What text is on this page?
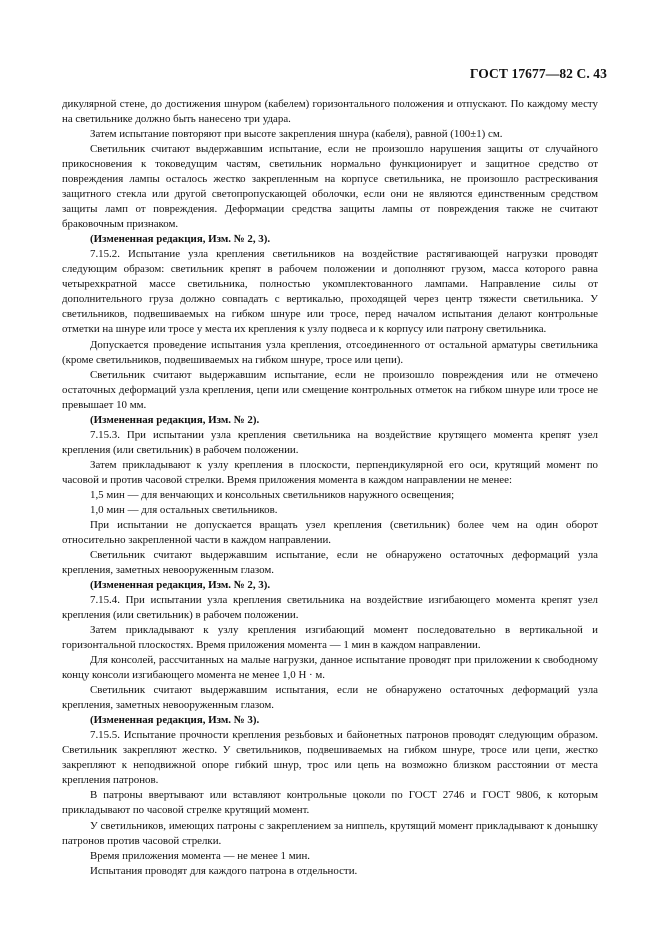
ГОСТ 17677—82 С. 43

дикулярной стене, до достижения шнуром (кабелем) горизонтального положения и отпускают. По каждому месту на светильнике должно быть нанесено три удара.

Затем испытание повторяют при высоте закрепления шнура (кабеля), равной (100±1) см.

Светильник считают выдержавшим испытание, если не произошло нарушения защиты от случайного прикосновения к токоведущим частям, светильник нормально функционирует и защитное средство от повреждения лампы осталось жестко закрепленным на корпусе светильника, не произошло растрескивания защитного стекла или другой светопропускающей оболочки, если они не являются единственным средством защиты ламп от повреждения. Деформации средства защиты лампы от повреждения также не считают браковочным признаком.

(Измененная редакция, Изм. № 2, 3).

7.15.2. Испытание узла крепления светильников на воздействие растягивающей нагрузки проводят следующим образом: светильник крепят в рабочем положении и дополняют грузом, масса которого равна четырехкратной массе светильника, полностью укомплектованного лампами. Направление силы от дополнительного груза должно совпадать с вертикалью, проходящей через центр тяжести светильника. У светильников, подвешиваемых на гибком шнуре или тросе, перед началом испытания делают контрольные отметки на шнуре или тросе у места их крепления к узлу подвеса и к корпусу или патрону светильника.

Допускается проведение испытания узла крепления, отсоединенного от остальной арматуры светильника (кроме светильников, подвешиваемых на гибком шнуре, тросе или цепи).

Светильник считают выдержавшим испытание, если не произошло повреждения или не отмечено остаточных деформаций узла крепления, цепи или смещение контрольных отметок на гибком шнуре или тросе не превышает 10 мм.

(Измененная редакция, Изм. № 2).

7.15.3. При испытании узла крепления светильника на воздействие крутящего момента крепят узел крепления (или светильник) в рабочем положении.

Затем прикладывают к узлу крепления в плоскости, перпендикулярной его оси, крутящий момент по часовой и против часовой стрелки. Время приложения момента в каждом направлении не менее:

1,5 мин — для венчающих и консольных светильников наружного освещения;

1,0 мин — для остальных светильников.

При испытании не допускается вращать узел крепления (светильник) более чем на один оборот относительно закрепленной части в каждом направлении.

Светильник считают выдержавшим испытание, если не обнаружено остаточных деформаций узла крепления, заметных невооруженным глазом.

(Измененная редакция, Изм. № 2, 3).

7.15.4. При испытании узла крепления светильника на воздействие изгибающего момента крепят узел крепления (или светильник) в рабочем положении.

Затем прикладывают к узлу крепления изгибающий момент последовательно в вертикальной и горизонтальной плоскостях. Время приложения момента — 1 мин в каждом направлении.

Для консолей, рассчитанных на малые нагрузки, данное испытание проводят при приложении к свободному концу консоли изгибающего момента не менее 1,0 Н · м.

Светильник считают выдержавшим испытания, если не обнаружено остаточных деформаций узла крепления, заметных невооруженным глазом.

(Измененная редакция, Изм. № 3).

7.15.5. Испытание прочности крепления резьбовых и байонетных патронов проводят следующим образом. Светильник закрепляют жестко. У светильников, подвешиваемых на гибком шнуре, тросе или цепи, жестко закрепляют к неподвижной опоре гибкий шнур, трос или цепь на возможно близком расстоянии от места крепления патронов.

В патроны ввертывают или вставляют контрольные цоколи по ГОСТ 2746 и ГОСТ 9806, к которым прикладывают по часовой стрелке крутящий момент.

У светильников, имеющих патроны с закреплением за ниппель, крутящий момент прикладывают к донышку патронов против часовой стрелки.

Время приложения момента — не менее 1 мин.

Испытания проводят для каждого патрона в отдельности.
